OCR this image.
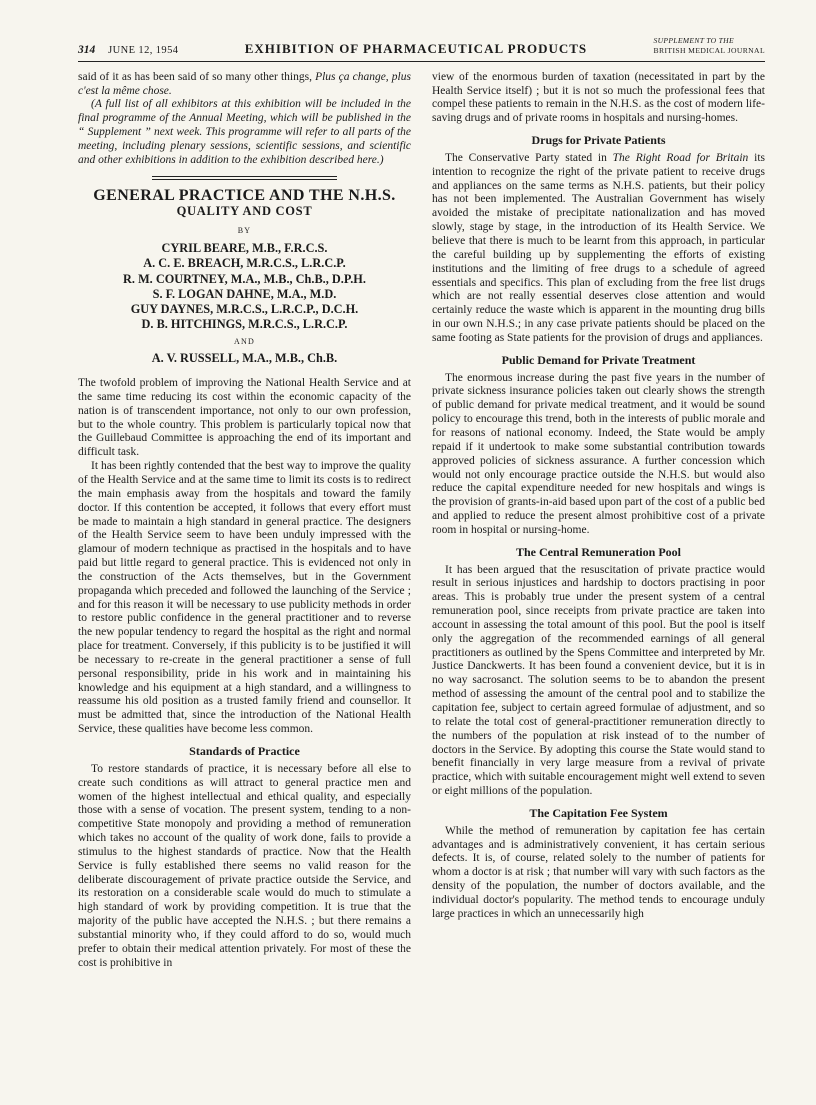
314 JUNE 12, 1954	EXHIBITION OF PHARMACEUTICAL PRODUCTS
SUPPLEMENT TO THE
BRITISH MEDICAL JOURNAL

said of it as has been said of so many other things, Plus ça change, plus c'est la même chose.

(A full list of all exhibitors at this exhibition will be included in the final programme of the Annual Meeting, which will be published in the “ Supplement ” next week. This programme will refer to all parts of the meeting, including plenary sessions, scientific sessions, and scientific and other exhibitions in addition to the exhibition described here.)

GENERAL PRACTICE AND THE N.H.S.
QUALITY AND COST
BY
CYRIL BEARE, M.B., F.R.C.S.
A. C. E. BREACH, M.R.C.S., L.R.C.P.
R. M. COURTNEY, M.A., M.B., Ch.B., D.P.H.
S. F. LOGAN DAHNE, M.A., M.D.
GUY DAYNES, M.R.C.S., L.R.C.P., D.C.H.
D. B. HITCHINGS, M.R.C.S., L.R.C.P.
AND
A. V. RUSSELL, M.A., M.B., Ch.B.

The twofold problem of improving the National Health Service and at the same time reducing its cost within the economic capacity of the nation is of transcendent importance, not only to our own profession, but to the whole country. This problem is particularly topical now that the Guillebaud Committee is approaching the end of its important and difficult task.

It has been rightly contended that the best way to improve the quality of the Health Service and at the same time to limit its costs is to redirect the main emphasis away from the hospitals and toward the family doctor. If this contention be accepted, it follows that every effort must be made to maintain a high standard in general practice. The designers of the Health Service seem to have been unduly impressed with the glamour of modern technique as practised in the hospitals and to have paid but little regard to general practice. This is evidenced not only in the construction of the Acts themselves, but in the Government propaganda which preceded and followed the launching of the Service ; and for this reason it will be necessary to use publicity methods in order to restore public confidence in the general practitioner and to reverse the new popular tendency to regard the hospital as the right and normal place for treatment. Conversely, if this publicity is to be justified it will be necessary to re-create in the general practitioner a sense of full personal responsibility, pride in his work and in maintaining his knowledge and his equipment at a high standard, and a willingness to reassume his old position as a trusted family friend and counsellor. It must be admitted that, since the introduction of the National Health Service, these qualities have become less common.

Standards of Practice

To restore standards of practice, it is necessary before all else to create such conditions as will attract to general practice men and women of the highest intellectual and ethical quality, and especially those with a sense of vocation. The present system, tending to a non-competitive State monopoly and providing a method of remuneration which takes no account of the quality of work done, fails to provide a stimulus to the highest standards of practice. Now that the Health Service is fully established there seems no valid reason for the deliberate discouragement of private practice outside the Service, and its restoration on a considerable scale would do much to stimulate a high standard of work by providing competition. It is true that the majority of the public have accepted the N.H.S. ; but there remains a substantial minority who, if they could afford to do so, would much prefer to obtain their medical attention privately. For most of these the cost is prohibitive in

view of the enormous burden of taxation (necessitated in part by the Health Service itself) ; but it is not so much the professional fees that compel these patients to remain in the N.H.S. as the cost of modern life-saving drugs and of private rooms in hospitals and nursing-homes.

Drugs for Private Patients

The Conservative Party stated in The Right Road for Britain its intention to recognize the right of the private patient to receive drugs and appliances on the same terms as N.H.S. patients, but their policy has not been implemented. The Australian Government has wisely avoided the mistake of precipitate nationalization and has moved slowly, stage by stage, in the introduction of its Health Service. We believe that there is much to be learnt from this approach, in particular the careful building up by supplementing the efforts of existing institutions and the limiting of free drugs to a schedule of agreed essentials and specifics. This plan of excluding from the free list drugs which are not really essential deserves close attention and would certainly reduce the waste which is apparent in the mounting drug bills in our own N.H.S.; in any case private patients should be placed on the same footing as State patients for the provision of drugs and appliances.

Public Demand for Private Treatment

The enormous increase during the past five years in the number of private sickness insurance policies taken out clearly shows the strength of public demand for private medical treatment, and it would be sound policy to encourage this trend, both in the interests of public morale and for reasons of national economy. Indeed, the State would be amply repaid if it undertook to make some substantial contribution towards approved policies of sickness assurance. A further concession which would not only encourage practice outside the N.H.S. but would also reduce the capital expenditure needed for new hospitals and wings is the provision of grants-in-aid based upon part of the cost of a public bed and applied to reduce the present almost prohibitive cost of a private room in hospital or nursing-home.

The Central Remuneration Pool

It has been argued that the resuscitation of private practice would result in serious injustices and hardship to doctors practising in poor areas. This is probably true under the present system of a central remuneration pool, since receipts from private practice are taken into account in assessing the total amount of this pool. But the pool is itself only the aggregation of the recommended earnings of all general practitioners as outlined by the Spens Committee and interpreted by Mr. Justice Danckwerts. It has been found a convenient device, but it is in no way sacrosanct. The solution seems to be to abandon the present method of assessing the amount of the central pool and to stabilize the capitation fee, subject to certain agreed formulae of adjustment, and so to relate the total cost of general-practitioner remuneration directly to the numbers of the population at risk instead of to the number of doctors in the Service. By adopting this course the State would stand to benefit financially in very large measure from a revival of private practice, which with suitable encouragement might well extend to seven or eight millions of the population.

The Capitation Fee System

While the method of remuneration by capitation fee has certain advantages and is administratively convenient, it has certain serious defects. It is, of course, related solely to the number of patients for whom a doctor is at risk ; that number will vary with such factors as the density of the population, the number of doctors available, and the individual doctor's popularity. The method tends to encourage unduly large practices in which an unnecessarily high
